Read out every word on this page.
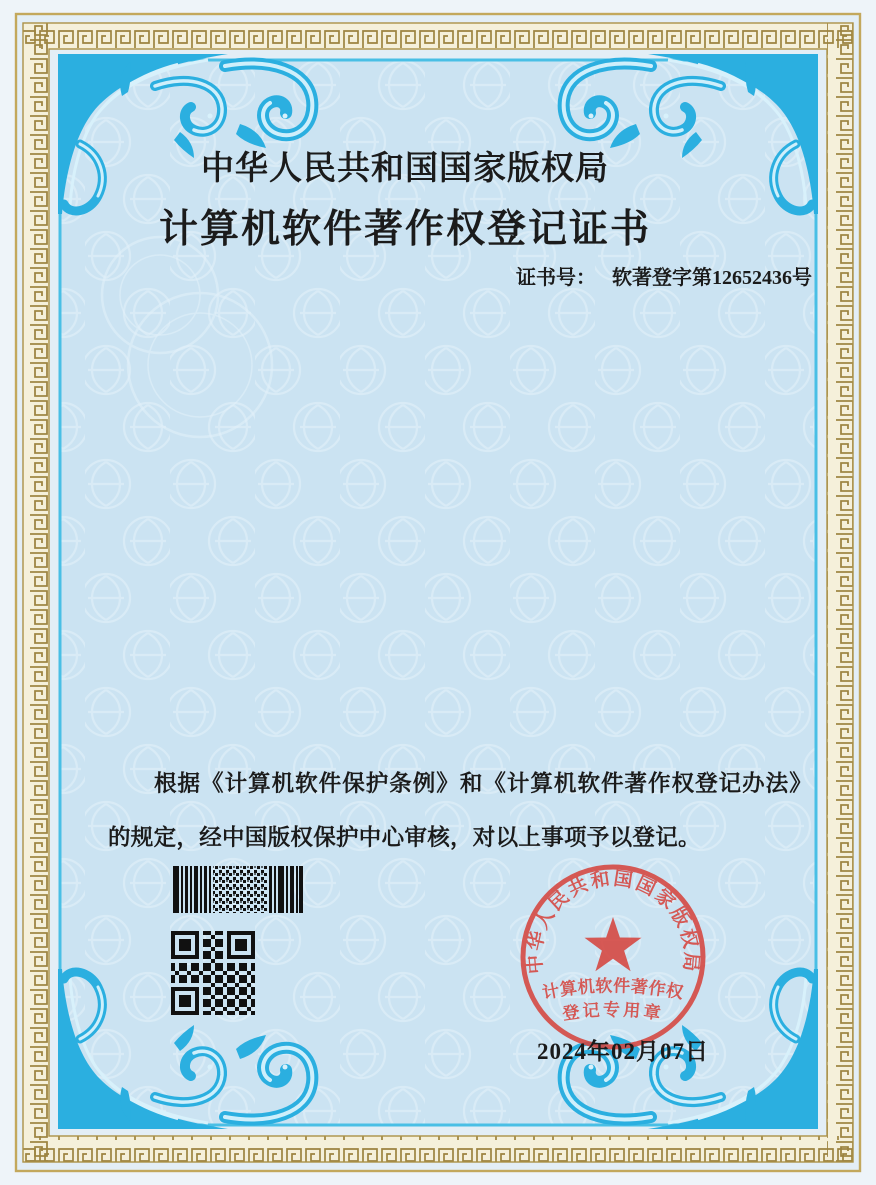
中华人民共和国国家版权局
计算机软件著作权登记证书
证书号： 软著登字第12652436号
根据《计算机软件保护条例》和《计算机软件著作权登记办法》的规定，经中国版权保护中心审核，对以上事项予以登记。
中华人民共和国国家版权局
计算机软件著作权
登记专用章
2024年02月07日
